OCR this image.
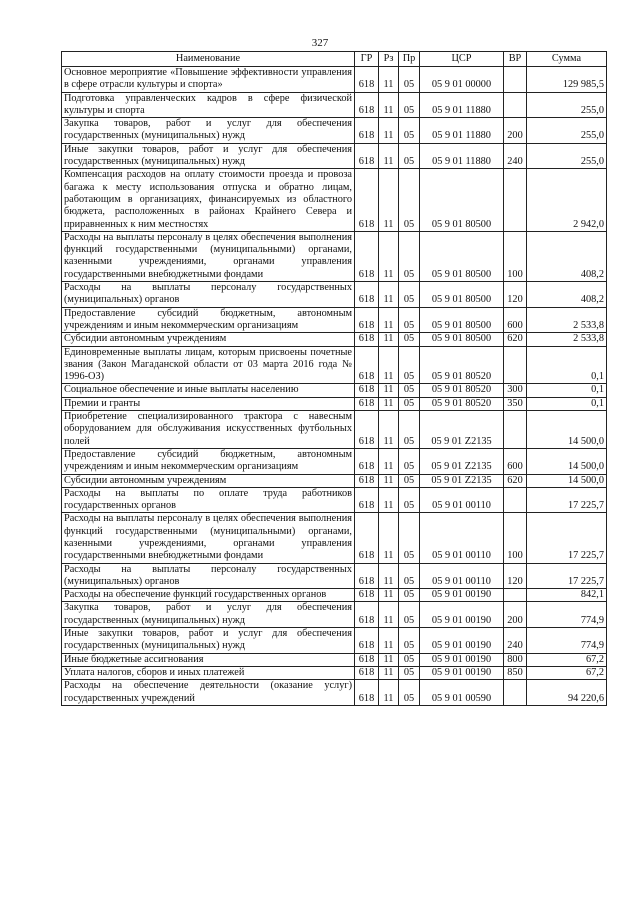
327
Наименование	ГР	Рз	Пр	ЦСР	ВР	Сумма
Основное мероприятие «Повышение эффективности управления в сфере отрасли культуры и спорта»	618	11	05	05 9 01 00000		129 985,5
Подготовка управленческих кадров в сфере физической культуры и спорта	618	11	05	05 9 01 11880		255,0
Закупка товаров, работ и услуг для обеспечения государственных (муниципальных) нужд	618	11	05	05 9 01 11880	200	255,0
Иные закупки товаров, работ и услуг для обеспечения государственных (муниципальных) нужд	618	11	05	05 9 01 11880	240	255,0
Компенсация расходов на оплату стоимости проезда и провоза багажа к месту использования отпуска и обратно лицам, работающим в организациях, финансируемых из областного бюджета, расположенных в районах Крайнего Севера и приравненных к ним местностях	618	11	05	05 9 01 80500		2 942,0
Расходы на выплаты персоналу в целях обеспечения выполнения функций государственными (муниципальными) органами, казенными учреждениями, органами управления государственными внебюджетными фондами	618	11	05	05 9 01 80500	100	408,2
Расходы на выплаты персоналу государственных (муниципальных) органов	618	11	05	05 9 01 80500	120	408,2
Предоставление субсидий бюджетным, автономным учреждениям и иным некоммерческим организациям	618	11	05	05 9 01 80500	600	2 533,8
Субсидии автономным учреждениям	618	11	05	05 9 01 80500	620	2 533,8
Единовременные выплаты лицам, которым присвоены почетные звания (Закон Магаданской области от 03 марта 2016 года № 1996-ОЗ)	618	11	05	05 9 01 80520		0,1
Социальное обеспечение и иные выплаты населению	618	11	05	05 9 01 80520	300	0,1
Премии и гранты	618	11	05	05 9 01 80520	350	0,1
Приобретение специализированного трактора с навесным оборудованием для обслуживания искусственных футбольных полей	618	11	05	05 9 01 Z2135		14 500,0
Предоставление субсидий бюджетным, автономным учреждениям и иным некоммерческим организациям	618	11	05	05 9 01 Z2135	600	14 500,0
Субсидии автономным учреждениям	618	11	05	05 9 01 Z2135	620	14 500,0
Расходы на выплаты по оплате труда работников государственных органов	618	11	05	05 9 01 00110		17 225,7
Расходы на выплаты персоналу в целях обеспечения выполнения функций государственными (муниципальными) органами, казенными учреждениями, органами управления государственными внебюджетными фондами	618	11	05	05 9 01 00110	100	17 225,7
Расходы на выплаты персоналу государственных (муниципальных) органов	618	11	05	05 9 01 00110	120	17 225,7
Расходы на обеспечение функций государственных органов	618	11	05	05 9 01 00190		842,1
Закупка товаров, работ и услуг для обеспечения государственных (муниципальных) нужд	618	11	05	05 9 01 00190	200	774,9
Иные закупки товаров, работ и услуг для обеспечения государственных (муниципальных) нужд	618	11	05	05 9 01 00190	240	774,9
Иные бюджетные ассигнования	618	11	05	05 9 01 00190	800	67,2
Уплата налогов, сборов и иных платежей	618	11	05	05 9 01 00190	850	67,2
Расходы на обеспечение деятельности (оказание услуг) государственных учреждений	618	11	05	05 9 01 00590		94 220,6
